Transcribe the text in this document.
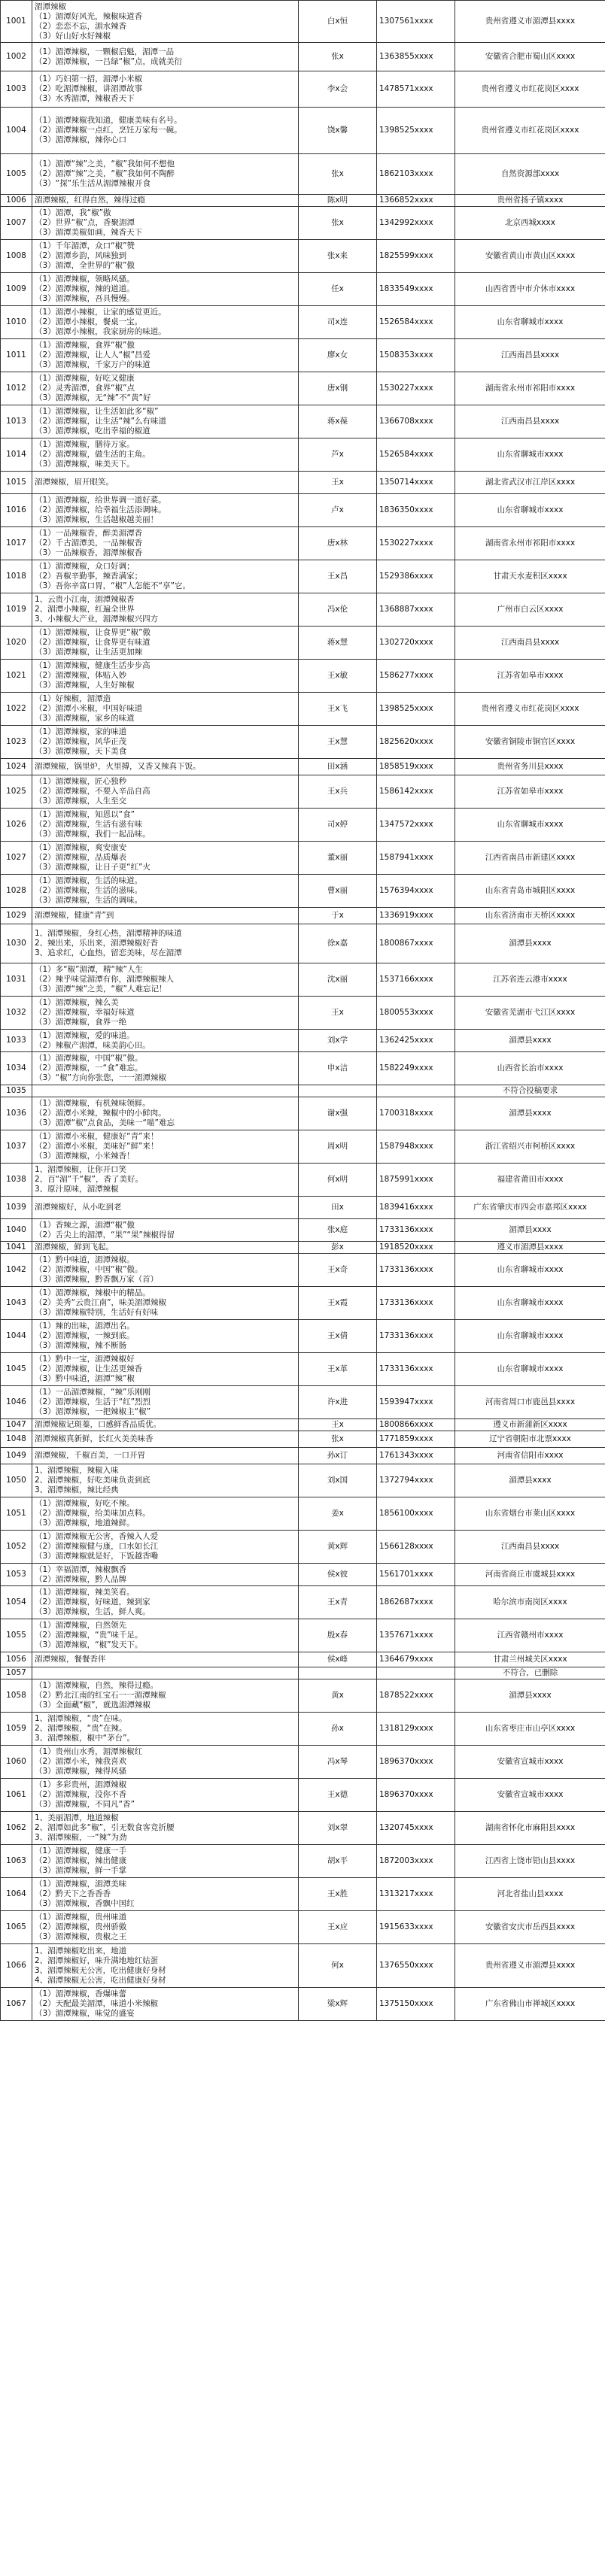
1001	湄潭辣椒
（1）湄潭好风光，辣椒味道香
（2）恋恋不忘，湄水辣香
（3）好山好水好辣椒	白x恒	1307561xxxx	贵州省遵义市湄潭县xxxx
1002	（1）湄潭辣椒，一颗椒启魁，湄潭一品
（2）湄潭辣椒，一吕绿“椒”点，成就美衍	张x	1363855xxxx	安徽省合肥市蜀山区xxxx
1003	（1）巧妇第一招，湄潭小米椒
（2）吃湄潭辣椒，讲湄潭故事
（3）水秀湄潭，辣椒香天下	李x会	1478571xxxx	贵州省遵义市红花岗区xxxx
1004	（1）湄潭辣椒我知道，健康美味有名号。
（2）湄潭辣椒一点红，烹饪万家每一碗。
（3）湄潭辣椒，辣你心口	饶x馨	1398525xxxx	贵州省遵义市红花岗区xxxx
1005	（1）湄潭“辣”之美，“椒”我如何不想他
（2）湄潭“辣”之美，“椒”我如何不陶醉
（3）“探”乐生活从湄潭辣椒开食	张x	1862103xxxx	自然资源部xxxx
1006	湄潭辣椒，红得自然，辣得过瘾	陈x明	1366852xxxx	贵州省扬子镇xxxx
1007	（1）湄潭，我“椒”傲
（2）世界“椒”点，香聚湄潭
（3）湄潭美椒如画，辣香天下	张x	1342992xxxx	北京西城xxxx
1008	（1）千年湄潭，众口“椒”赞
（2）湄潭乡韵，风味独到
（3）湄潭，全世界的“椒”傲	张x来	1825599xxxx	安徽省黄山市黄山区xxxx
1009	（1）湄潭辣椒，领略风骚。
（2）湄潭辣椒，辣的道道。
（3）湄潭辣椒，吾具慢慢。	任x	1833549xxxx	山西省晋中市介休市xxxx
1010	（1）湄潭小辣椒，让家的感觉更近。
（2）湄潭小辣椒，餐桌一宝。
（3）湄潭小辣椒，我家厨房的味道。	司x连	1526584xxxx	山东省聊城市xxxx
1011	（1）湄潭辣椒，食界“椒”傲
（2）湄潭辣椒，让人人“椒”昌爱
（3）湄潭辣椒，千家万户的味道	廖x女	1508353xxxx	江西南昌县xxxx
1012	（1）湄潭辣椒，好吃又健康
（2）灵秀湄潭，食界“椒”点
（3）湄潭辣椒，无“辣”不“黄”好	唐x钢	1530227xxxx	湖南省永州市祁阳市xxxx
1013	（1）湄潭辣椒，让生活如此多“椒”
（2）湄潭辣椒，让生活“辣”么有味道
（3）湄潭辣椒，吃出幸福的椒道	蒋x葆	1366708xxxx	江西南昌县xxxx
1014	（1）湄潭辣椒，膳待万家。
（2）湄潭辣椒，做生活的主角。
（3）湄潭辣椒，味美天下。	芦x	1526584xxxx	山东省聊城市xxxx
1015	湄潭辣椒，眉开眼笑。	王x	1350714xxxx	湖北省武汉市江岸区xxxx
1016	（1）湄潭辣椒，给世界调一道好菜。
（2）湄潭辣椒，给幸福生活添调味。
（3）湄潭辣椒，生活越椒越美丽！	卢x	1836350xxxx	山东省聊城市xxxx
1017	（1）一品辣椒香，醉美湄潭香
（2）千古湄潭美，一品辣椒香
（3）一品辣椒香，湄潭辣椒香	唐x林	1530227xxxx	湖南省永州市祁阳市xxxx
1018	（1）湄潭辣椒，众口好调；
（2）吾椒辛勤事，辣香满家；
（3）吾你辛富口胃，“椒”人怎能不“享”它。	王x昌	1529386xxxx	甘肃天水麦积区xxxx
1019	1、云贵小江南，湄潭辣椒香
2、湄潭小辣椒，红遍全世界
3、小辣椒大产业，湄潭辣椒兴四方	冯x伦	1368887xxxx	广州市白云区xxxx
1020	（1）湄潭辣椒，让食界更“椒”傲
（2）湄潭辣椒，让食界更有味道
（3）湄潭辣椒，让生活更加辣	蒋x慧	1302720xxxx	江西南昌县xxxx
1021	（1）湄潭辣椒，健康生活步步高
（2）湄潭辣椒，体贴入妙
（3）湄潭辣椒，人生好辣椒	王x敏	1586277xxxx	江苏省如皋市xxxx
1022	（1）好辣椒，湄潭造
（2）湄潭小米椒，中国好味道
（3）湄潭辣椒，家乡的味道	王x飞	1398525xxxx	贵州省遵义市红花岗区xxxx
1023	（1）湄潭辣椒，家的味道
（2）湄潭辣椒，风华正茂
（3）湄潭辣椒，天下美食	王x慧	1825620xxxx	安徽省铜陵市铜官区xxxx
1024	湄潭辣椒，锅里炉，火里搏，又香又辣真下饭。	田x涵	1858519xxxx	贵州省务川县xxxx
1025	（1）湄潭辣椒，匠心独秒
（2）湄潭辣椒，不要入辛品自高
（3）湄潭辣椒，人生至交	王x兵	1586142xxxx	江苏省如皋市xxxx
1026	（1）湄潭辣椒，知恩以“食”
（2）湄潭辣椒，生活有滋有味
（3）湄潭辣椒，我们一起品味。	司x婷	1347572xxxx	山东省聊城市xxxx
1027	（1）湄潭辣椒，爽安康安
（2）湄潭辣椒，品质爆表
（3）湄潭辣椒，让日子更“红”火	董x丽	1587941xxxx	江西省南昌市新建区xxxx
1028	（1）湄潭辣椒，生活的味道。
（2）湄潭辣椒，生活的滋味。
（3）湄潭辣椒，生活的调味。	曹x丽	1576394xxxx	山东省青岛市城阳区xxxx
1029	湄潭辣椒，健康“青”到	于x	1336919xxxx	山东省济南市天桥区xxxx
1030	1、湄潭辣椒，身红心热，湄潭精神的味道
2、辣出来，乐出来，湄潭辣椒好香
3、追求红，心血热，留恋美味，尽在湄潭	徐x嘉	1800867xxxx	湄潭县xxxx
1031	（1）多“椒”湄潭，精“辣”人生
（2）辣乎味觉湄潭有你，湄潭辣椒辣人
（3）湄潭“辣”之美，“椒”人难忘记！	沈x丽	1537166xxxx	江苏省连云港市xxxx
1032	（1）湄潭辣椒，辣么美
（2）湄潭辣椒，幸福好味道
（3）湄潭辣椒，食界一绝	王x	1800553xxxx	安徽省芜湖市弋江区xxxx
1033	（1）湄潭辣椒，爱的味道。
（2）辣椒产湄潭，味美韵心田。	刘x学	1362425xxxx	湄潭县xxxx
1034	（1）湄潭辣椒，中国“椒”傲。
（2）湄潭辣椒，一“食”难忘。
（3）“椒”方向你张您，一一湄潭辣椒	申x洁	1582249xxxx	山西省长治市xxxx
1035				不符合投稿要求
1036	（1）湄潭辣椒，有机辣味领鲜。
（2）湄潭小米辣，辣椒中的小鲜肉。
（3）湄潭“椒”点食品，美味一“喵”难忘	谢x强	1700318xxxx	湄潭县xxxx
1037	（1）湄潭小米椒，健康好“青”来！
（2）湄潭小米椒，美味好“鲜”来！
（3）湄潭辣椒，小米辣香！	周x明	1587948xxxx	浙江省绍兴市柯桥区xxxx
1038	1、湄潭辣椒，让你开口笑
2、百“湄”千“椒”，香了美好。
3、原汁原味，湄潭辣椒	何x明	1875991xxxx	福建省莆田市xxxx
1039	湄潭辣椒好，从小吃到老	田x	1839416xxxx	广东省肇庆市四会市嘉邦区xxxx
1040	（1）香辣之源，湄潭“椒”傲
（2）舌尖上的湄潭，“果”“果”辣椒得留	张x庭	1733136xxxx	湄潭县xxxx
1041	湄潭辣椒，鲜到飞起。	彭x	1918520xxxx	遵义市湄潭县xxxx
1042	（1）黔中味道，湄潭辣椒。
（2）湄潭辣椒，中国“椒”傲。
（3）湄潭辣椒，黔香飘万家（首）	王x奇	1733136xxxx	山东省聊城市xxxx
1043	（1）湄潭辣椒，辣椒中的精品。
（2）美秀“云贵江南”，味美湄潭辣椒
（3）湄潭辣椒特别，生活好有好味	王x霞	1733136xxxx	山东省聊城市xxxx
1044	（1）辣的出味，湄潭出名。
（2）湄潭辣椒，一辣到底。
（3）湄潭辣椒，辣不断肠	王x倩	1733136xxxx	山东省聊城市xxxx
1045	（1）黔中一宝，湄潭辣椒好
（2）湄潭辣椒，让生活更辣香
（3）黔中味道，湄潭“辣”椒	王x革	1733136xxxx	山东省聊城市xxxx
1046	（1）一品湄潭辣椒，“辣”乐刚刚
（2）湄潭辣椒，生活于“红”烈烈
（3）湄潭辣椒，一把辣椒主“椒”	许x进	1593947xxxx	河南省周口市鹿邑县xxxx
1047	湄潭辣椒记斑蓁，口感鲜香品质优。	王x	1800866xxxx	遵义市新蒲新区xxxx
1048	湄潭辣椒真新鲜，长红火美美味香	张x	1771859xxxx	辽宁省朝阳市北票xxxx
1049	湄潭辣椒，千椒百美，一口开胃	孙x订	1761343xxxx	河南省信阳市xxxx
1050	1、湄潭辣椒，辣椒入味
2、湄潭辣椒，好吃美味负责到底
3、湄潭辣椒，辣比经典	刘x国	1372794xxxx	湄潭县xxxx
1051	（1）湄潭辣椒，好吃不辣。
（2）湄潭辣椒，给美味加点料。
（3）湄潭辣椒，地道辣鲜。	姜x	1856100xxxx	山东省烟台市莱山区xxxx
1052	（1）湄潭辣椒无公害，香辣入人爱
（2）湄潭辣椒健与康，口水如长江
（3）湄潭辣椒就是好，下饭越香嘞	黄x辉	1566128xxxx	江西南昌县xxxx
1053	（1）幸福湄潭，辣椒飘香
（2）湄潭辣椒，黔人品牌	侯x彼	1561701xxxx	河南省商丘市虞城县xxxx
1054	（1）湄潭辣椒，辣美笑看。
（2）湄潭辣椒，好味道，辣到家
（3）湄潭辣椒，生活，鲜人爽。	王x青	1862687xxxx	哈尔滨市南岗区xxxx
1055	（1）湄潭辣椒，自然领先
（2）湄潭辣椒，“贵”味千足。
（3）湄潭辣椒，“椒”发天下。	殷x春	1357671xxxx	江西省赣州市xxxx
1056	湄潭辣椒，餐餐香伴	侯x峰	1364679xxxx	甘肃兰州城关区xxxx
1057				不符合，已删除
1058	（1）湄潭辣椒，自然，辣得过瘾。
（2）黔北江南的红宝石一一湄潭辣椒
（3）全面藏“椒”，就选湄潭辣椒	黄x	1878522xxxx	湄潭县xxxx
1059	1、湄潭辣椒，“贵”在味。
2、湄潭辣椒，“贵”在辣。
3、湄潭辣椒，椒中“茅台”。	孙x	1318129xxxx	山东省枣庄市山亭区xxxx
1060	（1）贵州山水秀，湄潭辣椒红
（2）湄潭小米，辣我喜欢
（3）湄潭辣椒，辣得风骚	冯x琴	1896370xxxx	安徽省宣城市xxxx
1061	（1）多彩贵州，湄潭辣椒
（2）湄潭辣椒，没你不香
（3）湄潭辣椒，不同凡“香”	王x德	1896370xxxx	安徽省宣城市xxxx
1062	1、美丽湄潭，地道辣椒
2、湄潭如此多“椒”，引无数食客竞折腰
3、湄潭辣椒，一“辣”为劲	刘x翠	1320745xxxx	湖南省怀化市麻阳县xxxx
1063	（1）湄潭辣椒，健康一手
（2）湄潭辣椒，辣出健康
（3）湄潭辣椒，鲜一手掌	胡x平	1872003xxxx	江西省上饶市铅山县xxxx
1064	（1）湄潭辣椒，湄潭美味
（2）黔天下之香香香
（3）湄潭辣椒，香飘中国红	王x胜	1313217xxxx	河北省盐山县xxxx
1065	（1）湄潭辣椒，贵州味道
（2）湄潭辣椒，贵州骄傲
（3）湄潭辣椒，贵椒之王	王x应	1915633xxxx	安徽省安庆市岳西县xxxx
1066	1、湄潭辣椒吃出来，地道
2、湄潭辣椒好，味升满地地红姑蛋
3、湄潭辣椒无公害，吃出健康好身材
4、湄潭辣椒无公害，吃出健康好身材	何x	1376550xxxx	贵州省遵义市湄潭县xxxx
1067	（1）湄潭辣椒，香爆味蕾
（2）天配最美湄潭，味道小米辣椒
（3）湄潭辣椒，味觉的盛宴	梁x辉	1375150xxxx	广东省佛山市禅城区xxxx
